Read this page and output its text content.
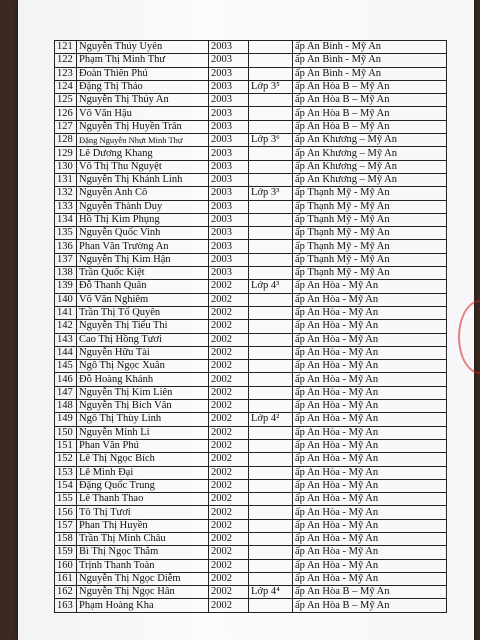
121	Nguyễn Thúy Uyên	2003		ấp An Bình - Mỹ An
122	Phạm Thị Minh Thư	2003		ấp An Bình - Mỹ An
123	Đoàn Thiên Phú	2003		ấp An Bình - Mỹ An
124	Đặng Thị Thảo	2003	Lớp 3⁵	ấp An Hòa B – Mỹ An
125	Nguyễn Thị Thúy An	2003		ấp An Hòa B – Mỹ An
126	Võ Văn Hậu	2003		ấp An Hòa B – Mỹ An
127	Nguyễn Thị Huyền Trân	2003		ấp An Hòa B – Mỹ An
128	Đặng Nguyễn Nhựt Minh Thư	2003	Lớp 3⁶	ấp An Khương – Mỹ An
129	Lê Dương Khang	2003		ấp An Khương – Mỹ An
130	Võ Thị Thu Nguyệt	2003		ấp An Khương – Mỹ An
131	Nguyễn Thị Khánh Linh	2003		ấp An Khương – Mỹ An
132	Nguyễn Anh Cô	2003	Lớp 3³	ấp Thạnh Mỹ - Mỹ An
133	Nguyễn Thành Duy	2003		ấp Thạnh Mỹ - Mỹ An
134	Hồ Thị Kim Phụng	2003		ấp Thạnh Mỹ - Mỹ An
135	Nguyễn Quốc Vinh	2003		ấp Thạnh Mỹ - Mỹ An
136	Phan Văn Trường An	2003		ấp Thạnh Mỹ - Mỹ An
137	Nguyễn Thị Kim Hận	2003		ấp Thạnh Mỹ - Mỹ An
138	Trần Quốc Kiệt	2003		ấp Thạnh Mỹ - Mỹ An
139	Đỗ Thanh Quân	2002	Lớp 4³	ấp An Hòa - Mỹ An
140	Võ Văn Nghiêm	2002		ấp An Hòa - Mỹ An
141	Trần Thị Tố Quyên	2002		ấp An Hòa - Mỹ An
142	Nguyễn Thị Tiểu Thi	2002		ấp An Hòa - Mỹ An
143	Cao Thị Hồng Tươi	2002		ấp An Hòa - Mỹ An
144	Nguyễn Hữu Tài	2002		ấp An Hòa - Mỹ An
145	Ngô Thị Ngọc Xuân	2002		ấp An Hòa - Mỹ An
146	Đỗ Hoàng Khánh	2002		ấp An Hòa - Mỹ An
147	Nguyễn Thị Kim Liên	2002		ấp An Hòa - Mỹ An
148	Nguyễn Thị Bích Vân	2002		ấp An Hòa - Mỹ An
149	Ngô Thị Thùy Linh	2002	Lớp 4²	ấp An Hòa - Mỹ An
150	Nguyễn Minh Lí	2002		ấp An Hòa - Mỹ An
151	Phan Văn Phú	2002		ấp An Hòa - Mỹ An
152	Lê Thị Ngọc Bích	2002		ấp An Hòa - Mỹ An
153	Lê Minh Đại	2002		ấp An Hòa - Mỹ An
154	Đặng Quốc Trung	2002		ấp An Hòa - Mỹ An
155	Lê Thanh Thao	2002		ấp An Hòa - Mỹ An
156	Tô Thị Tươi	2002		ấp An Hòa - Mỹ An
157	Phan Thị Huyền	2002		ấp An Hòa - Mỹ An
158	Trần Thị Minh Châu	2002		ấp An Hòa - Mỹ An
159	Bì Thị Ngọc Thắm	2002		ấp An Hòa - Mỹ An
160	Trịnh Thanh Toàn	2002		ấp An Hòa - Mỹ An
161	Nguyễn Thị Ngọc Diễm	2002		ấp An Hòa - Mỹ An
162	Nguyễn Thị Ngọc Hân	2002	Lớp 4⁴	ấp An Hòa B – Mỹ An
163	Phạm Hoàng Kha	2002		ấp An Hòa B – Mỹ An
